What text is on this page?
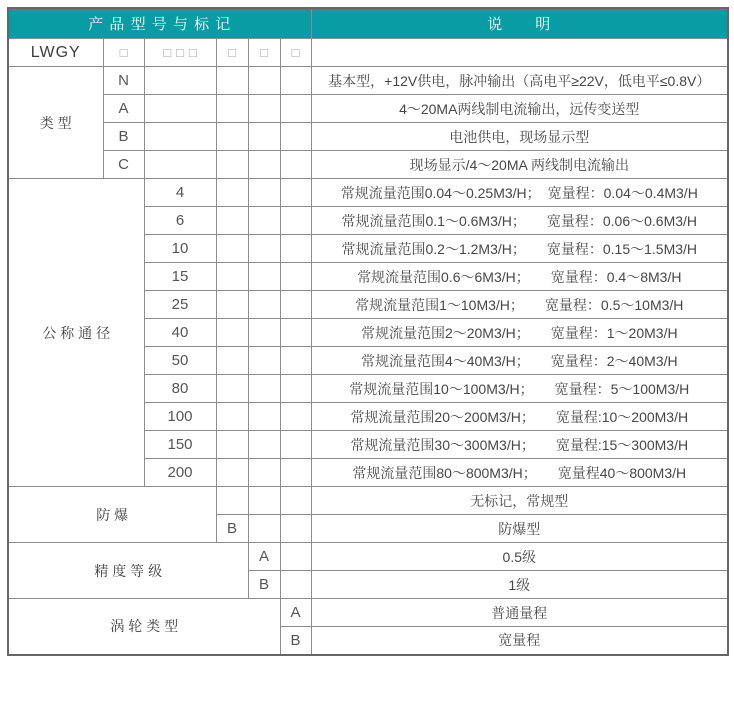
产 品 型 号 与 标 记						说　　明
LWGY	□	□□□	□	□	□	
类 型	N					基本型，+12V供电，脉冲输出（高电平≥22V，低电平≤0.8V）
	A					4～20MA两线制电流输出，远传变送型
	B					电池供电，现场显示型
	C					现场显示/4～20MA 两线制电流输出
公 称 通 径		4				常规流量范围0.04～0.25M3/H；　宽量程：0.04～0.4M3/H
		6				常规流量范围0.1～0.6M3/H；　　宽量程：0.06～0.6M3/H
		10				常规流量范围0.2～1.2M3/H；　　宽量程：0.15～1.5M3/H
		15				常规流量范围0.6～6M3/H；　　宽量程：0.4～8M3/H
		25				常规流量范围1～10M3/H；　　宽量程：0.5～10M3/H
		40				常规流量范围2～20M3/H；　　宽量程：1～20M3/H
		50				常规流量范围4～40M3/H；　　宽量程：2～40M3/H
		80				常规流量范围10～100M3/H；　　宽量程：5～100M3/H
		100				常规流量范围20～200M3/H；　　宽量程:10～200M3/H
		150				常规流量范围30～300M3/H；　　宽量程:15～300M3/H
		200				常规流量范围80～800M3/H；　　宽量程40～800M3/H
防 爆						无标记，常规型
			B			防爆型
精 度 等 级				A		0.5级
				B		1级
涡 轮 类 型					A	普通量程
					B	宽量程
